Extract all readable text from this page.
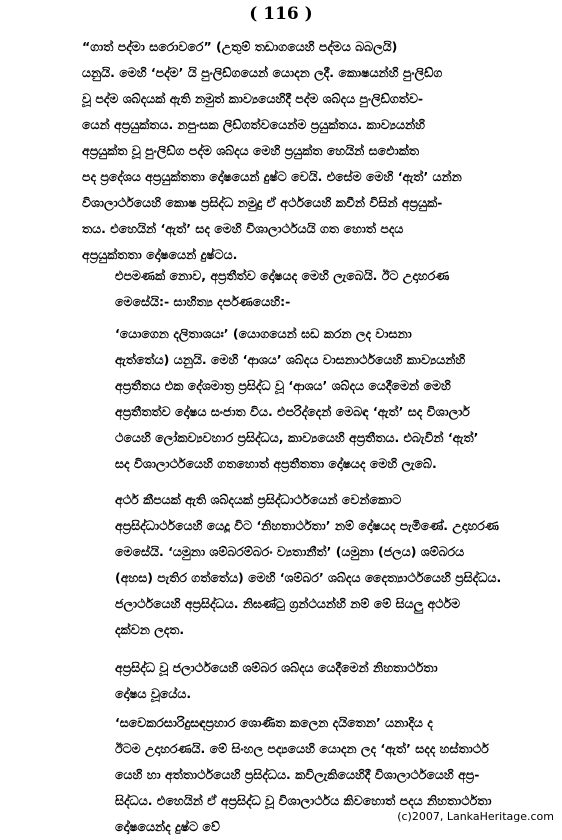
( 116 )
“ගාත් පද්මා සරොවරෙ” (උතුම් තඩාගයෙහි පද්මය බබලයි)
යනුයි. මෙහි ‘පද්ම’ යි පුංලිඩ්ගයෙන් යොදන ලදී. කොෂයන්හි පුංලිඩ්ග
වූ පද්ම ශබ්දයක් ඇති නමුත් කාව්‍යයෙහිදී පද්ම ශබ්දය පුංලිඩ්ගත්ව-
යෙන් අප්‍රයුක්තය. නපුංසක ලිඩ්ගත්වයෙන්ම ප්‍රයුක්තය. කාව්‍යයන්හි
අප්‍රයුක්ත වූ පුංලිඩ්ග පද්ම ශබ්දය මෙහි ප්‍රයුක්ත හෙයින් සඵොක්ත
පද ප්‍රදේශය අප්‍රයුක්තතා දෝෂයෙන් දුෂ්ට වෙයි. එසේම මෙහි ‘ඇත්’ යන්න
විශාලාර්ථයෙහි කොෂ ප්‍රසිද්ධ නමුදු ඒ අර්ථයෙහි කවීන් විසින් අප්‍රයුක්-
තය. එහෙයින් ‘ඇත්’ සද මෙහි විශාලාර්ථයයි ගත හොත් පදය
අප්‍රයුක්තතා දෝෂයෙන් දුෂ්ටය.
එපමණක් නොව, අප්‍රතීත්ව දෝෂයද මෙහි ලැබෙයි. ඊට උදාහරණ
මෙසේයි:- සාහිත්‍ය දර්පණයෙහි:-
‘යොගෙන දලිතාශයඃ’ (යොගයෙන් ඝඩ කරන ලද වාසනා
ඇත්තේය) යනුයි. මෙහි ‘ආශය’ ශබ්දය වාසනාර්ථයෙහි කාව්‍යයන්හි
අප්‍රතීතය එක දේශමාත්‍ර ප්‍රසිද්ධ වූ ‘ආශය’ ශබ්දය යෙදීමෙන් මෙහි
අප්‍රතීතත්ව දෝෂය සංජාත විය. එපරිද්දෙන් මෙබඳ ‘ඇත්’ සද විශාලාර්
ථයෙහි ලෝකව්‍යවහාර ප්‍රසිද්ධය, කාව්‍යයෙහි අප්‍රතීතය. එබැවින් ‘ඇත්’
සද විශාලාර්ථයෙහි ගතහොත් අප්‍රතීතතා දෝෂයද මෙහි ලැබේ.
අර්ථ කීපයක් ඇති ශබ්දයක් ප්‍රසිද්ධාර්ථයෙන් වෙන්කොට
අප්‍රසිද්ධාර්ථයෙහි යෙදූ විට ‘නිහතාර්ථතා’ නම් දෝෂයද පැමිණේ. උදාහරණ
මෙසේයි. ‘යමුනා ශම්බරම්බරං ව්‍යතානීත්’ (යමුනා (ජලය) ශම්බරය
(අහස) පැතිර ගත්තේය) මෙහි ‘ශම්බර’ ශබ්දය දෛත්‍යාර්ථයෙහි ප්‍රසිද්ධය.
ජලාර්ථයෙහි අප්‍රසිද්ධය. නිඝණ්ටු ග්‍රන්ථයන්හි නම් මේ සියලු අර්ථම
දක්වන ලදත.
අප්‍රසිද්ධ වූ ජලාර්ථයෙහි ශම්බර ශබ්දය යෙදීමෙන් නිහතාර්ථතා
දෝෂය වූයේය.
‘සවෙකරසාරිදුසඳප්‍රහාර ශොණිත කලෙන දයිතෙන’ යනාදිය ද
ඊටම උදාහරණයි. මේ සිංහල පද්‍යයෙහි යොදන ලද ‘ඇත්’ සදද හස්තාර්ථ
යෙහි හා අත්තාර්ථයෙහි ප්‍රසිද්ධය. කවිලැකියෙහිදී විශාලාර්ථයෙහි අප්‍ර-
සිද්ධය. එහෙයින් ඒ අප්‍රසිද්ධ වූ විශාලාර්ථය කිවහොත් පදය නිහතාර්ථතා
දෝෂයෙන්ද දුෂ්ට වේ
(c)2007, LankaHeritage.com
